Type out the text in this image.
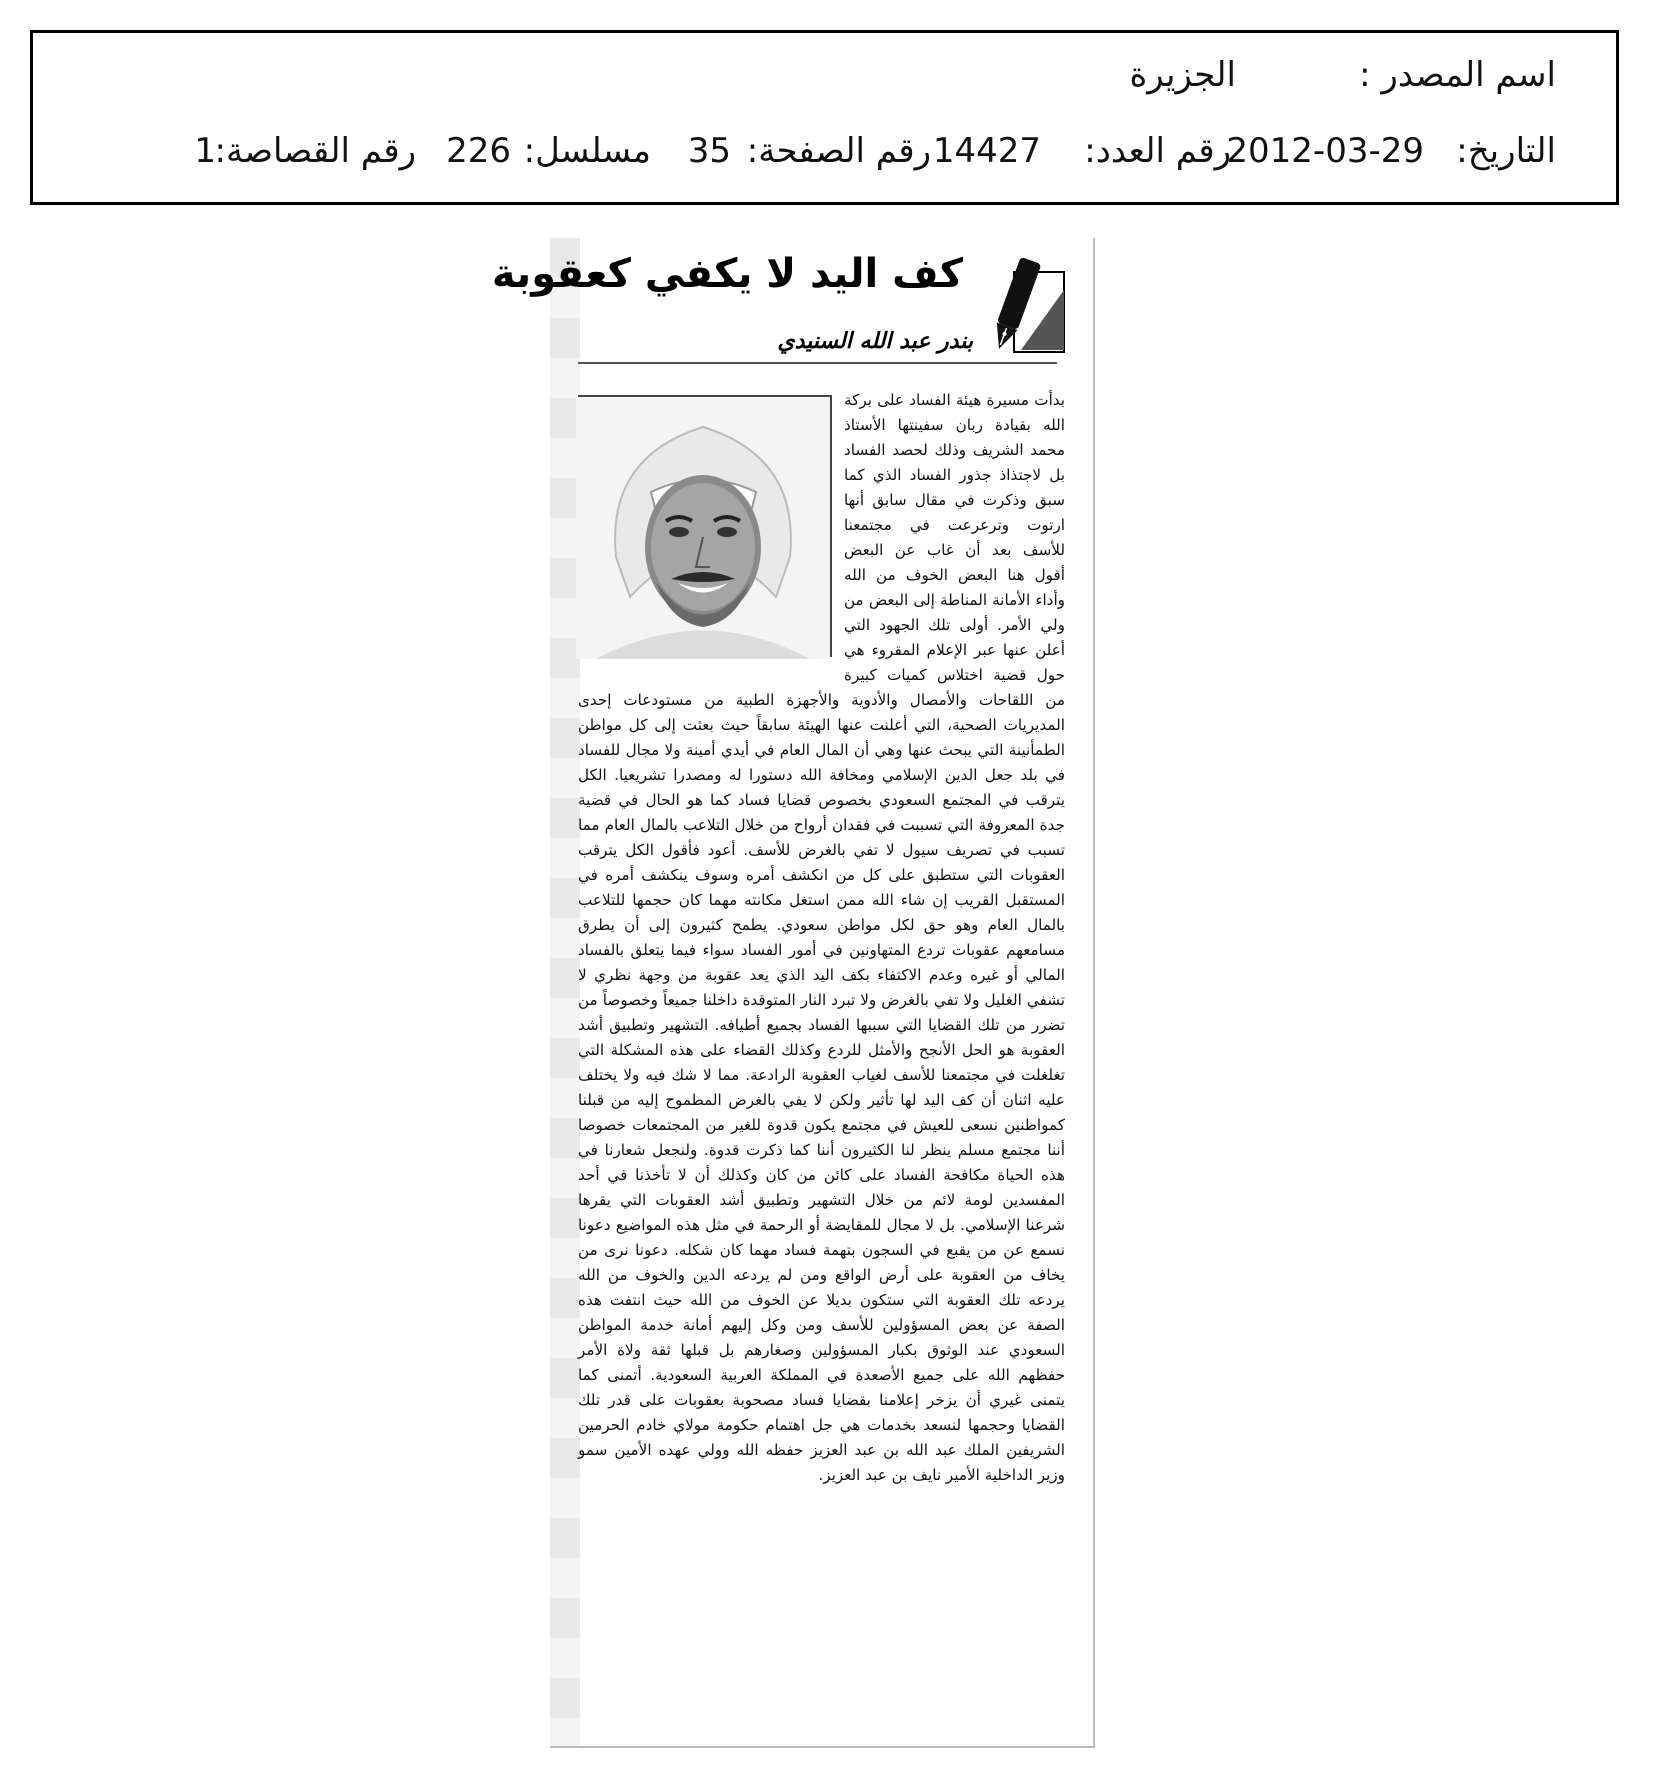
اسم المصدر :
الجزيرة
التاريخ:
2012-03-29
رقم العدد:
14427
رقم الصفحة:
35
مسلسل:
226
رقم القصاصة:
1
كف اليد لا يكفي كعقوبة
بندر عبد الله السنيدي
بدأت مسيرة هيئة الفساد على بركة الله بقيادة ربان سفينتها الأستاذ محمد الشريف وذلك لحصد الفساد بل لاجتذاذ جذور الفساد الذي كما سبق وذكرت في مقال سابق أنها ارتوت وترعرعت في مجتمعنا للأسف بعد أن غاب عن البعض أقول هنا البعض الخوف من الله وأداء الأمانة المناطة إلى البعض من ولي الأمر. أولى تلك الجهود التي أعلن عنها عبر الإعلام المقروء هي حول قضية اختلاس كميات كبيرة من اللقاحات والأمصال والأدوية والأجهزة الطبية من مستودعات إحدى المديريات الصحية، التي أعلنت عنها الهيئة سابقاً حيث بعثت إلى كل مواطن الطمأنينة التي يبحث عنها وهي أن المال العام في أيدي أمينة ولا مجال للفساد في بلد جعل الدين الإسلامي ومخافة الله دستورا له ومصدرا تشريعيا. الكل يترقب في المجتمع السعودي بخصوص قضايا فساد كما هو الحال في قضية جدة المعروفة التي تسببت في فقدان أرواح من خلال التلاعب بالمال العام مما تسبب في تصريف سيول لا تفي بالغرض للأسف. أعود فأقول الكل يترقب العقوبات التي ستطبق على كل من انكشف أمره وسوف ينكشف أمره في المستقبل القريب إن شاء الله ممن استغل مكانته مهما كان حجمها للتلاعب بالمال العام وهو حق لكل مواطن سعودي. يطمح كثيرون إلى أن يطرق مسامعهم عقوبات تردع المتهاونين في أمور الفساد سواء فيما يتعلق بالفساد المالي أو غيره وعدم الاكتفاء بكف اليد الذي يعد عقوبة من وجهة نظري لا تشفي الغليل ولا تفي بالغرض ولا تبرد النار المتوقدة داخلنا جميعاً وخصوصاً من تضرر من تلك القضايا التي سببها الفساد بجميع أطيافه. التشهير وتطبيق أشد العقوبة هو الحل الأنجح والأمثل للردع وكذلك القضاء على هذه المشكلة التي تغلغلت في مجتمعنا للأسف لغياب العقوبة الرادعة. مما لا شك فيه ولا يختلف عليه اثنان أن كف اليد لها تأثير ولكن لا يفي بالغرض المطموح إليه من قبلنا كمواطنين نسعى للعيش في مجتمع يكون قدوة للغير من المجتمعات خصوصا أننا مجتمع مسلم ينظر لنا الكثيرون أننا كما ذكرت قدوة. ولنجعل شعارنا في هذه الحياة مكافحة الفساد على كائن من كان وكذلك أن لا تأخذنا في أحد المفسدين لومة لائم من خلال التشهير وتطبيق أشد العقوبات التي يقرها شرعنا الإسلامي. بل لا مجال للمقايضة أو الرحمة في مثل هذه المواضيع دعونا نسمع عن من يقبع في السجون بتهمة فساد مهما كان شكله. دعونا نرى من يخاف من العقوبة على أرض الواقع ومن لم يردعه الدين والخوف من الله يردعه تلك العقوبة التي ستكون بديلا عن الخوف من الله حيث انتفت هذه الصفة عن بعض المسؤولين للأسف ومن وكل إليهم أمانة خدمة المواطن السعودي عند الوثوق بكبار المسؤولين وصغارهم بل قبلها ثقة ولاة الأمر حفظهم الله على جميع الأصعدة في المملكة العربية السعودية. أتمنى كما يتمنى غيري أن يزخر إعلامنا بقضايا فساد مصحوبة بعقوبات على قدر تلك القضايا وحجمها لنسعد بخدمات هي جل اهتمام حكومة مولاي خادم الحرمين الشريفين الملك عبد الله بن عبد العزيز حفظه الله وولي عهده الأمين سمو وزير الداخلية الأمير نايف بن عبد العزيز.
